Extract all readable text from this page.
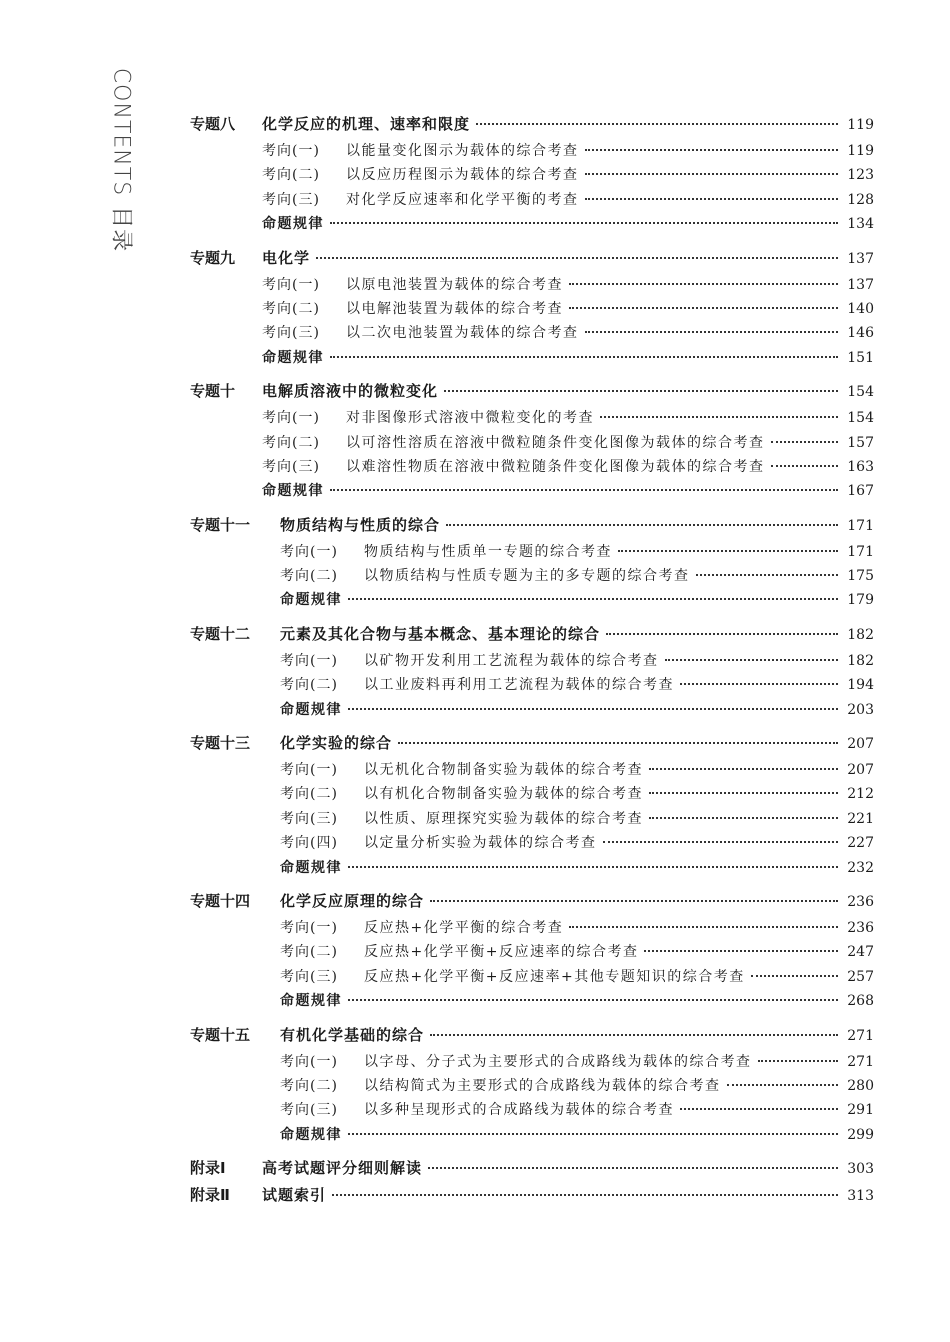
CONTENTS目录
专题八	化学反应的机理、速率和限度	119
考向(一)	以能量变化图示为载体的综合考查	119
考向(二)	以反应历程图示为载体的综合考查	123
考向(三)	对化学反应速率和化学平衡的考查	128
命题规律	134
专题九	电化学	137
考向(一)	以原电池装置为载体的综合考查	137
考向(二)	以电解池装置为载体的综合考查	140
考向(三)	以二次电池装置为载体的综合考查	146
命题规律	151
专题十	电解质溶液中的微粒变化	154
考向(一)	对非图像形式溶液中微粒变化的考查	154
考向(二)	以可溶性溶质在溶液中微粒随条件变化图像为载体的综合考查	157
考向(三)	以难溶性物质在溶液中微粒随条件变化图像为载体的综合考查	163
命题规律	167
专题十一	物质结构与性质的综合	171
考向(一)	物质结构与性质单一专题的综合考查	171
考向(二)	以物质结构与性质专题为主的多专题的综合考查	175
命题规律	179
专题十二	元素及其化合物与基本概念、基本理论的综合	182
考向(一)	以矿物开发利用工艺流程为载体的综合考查	182
考向(二)	以工业废料再利用工艺流程为载体的综合考查	194
命题规律	203
专题十三	化学实验的综合	207
考向(一)	以无机化合物制备实验为载体的综合考查	207
考向(二)	以有机化合物制备实验为载体的综合考查	212
考向(三)	以性质、原理探究实验为载体的综合考查	221
考向(四)	以定量分析实验为载体的综合考查	227
命题规律	232
专题十四	化学反应原理的综合	236
考向(一)	反应热+化学平衡的综合考查	236
考向(二)	反应热+化学平衡+反应速率的综合考查	247
考向(三)	反应热+化学平衡+反应速率+其他专题知识的综合考查	257
命题规律	268
专题十五	有机化学基础的综合	271
考向(一)	以字母、分子式为主要形式的合成路线为载体的综合考查	271
考向(二)	以结构简式为主要形式的合成路线为载体的综合考查	280
考向(三)	以多种呈现形式的合成路线为载体的综合考查	291
命题规律	299
附录Ⅰ	高考试题评分细则解读	303
附录Ⅱ	试题索引	313
